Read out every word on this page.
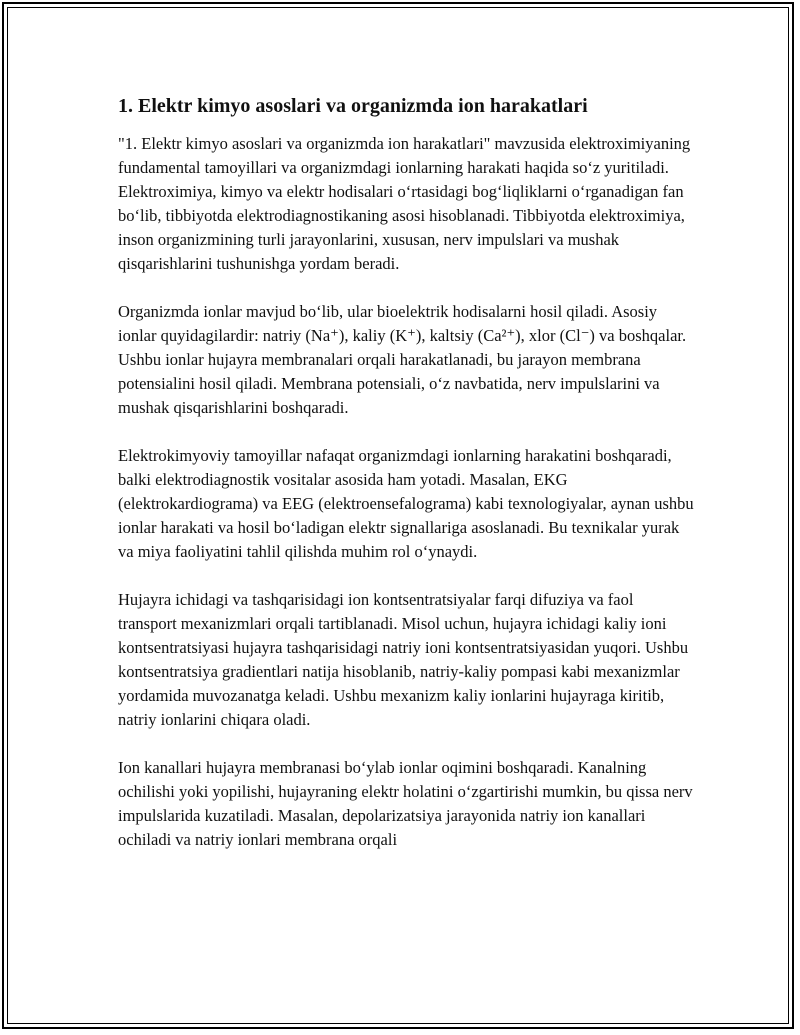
1. Elektr kimyo asoslari va organizmda ion harakatlari

"1. Elektr kimyo asoslari va organizmda ion harakatlari" mavzusida elektroximiyaning fundamental tamoyillari va organizmdagi ionlarning harakati haqida so‘z yuritiladi. Elektroximiya, kimyo va elektr hodisalari o‘rtasidagi bog‘liqliklarni o‘rganadigan fan bo‘lib, tibbiyotda elektrodiagnostikaning asosi hisoblanadi. Tibbiyotda elektroximiya, inson organizmining turli jarayonlarini, xususan, nerv impulslari va mushak qisqarishlarini tushunishga yordam beradi.

Organizmda ionlar mavjud bo‘lib, ular bioelektrik hodisalarni hosil qiladi. Asosiy ionlar quyidagilardir: natriy (Na⁺), kaliy (K⁺), kaltsiy (Ca²⁺), xlor (Cl⁻) va boshqalar. Ushbu ionlar hujayra membranalari orqali harakatlanadi, bu jarayon membrana potensialini hosil qiladi. Membrana potensiali, o‘z navbatida, nerv impulslarini va mushak qisqarishlarini boshqaradi.

Elektrokimyoviy tamoyillar nafaqat organizmdagi ionlarning harakatini boshqaradi, balki elektrodiagnostik vositalar asosida ham yotadi. Masalan, EKG (elektrokardiograma) va EEG (elektroensefalograma) kabi texnologiyalar, aynan ushbu ionlar harakati va hosil bo‘ladigan elektr signallariga asoslanadi. Bu texnikalar yurak va miya faoliyatini tahlil qilishda muhim rol o‘ynaydi.

Hujayra ichidagi va tashqarisidagi ion kontsentratsiyalar farqi difuziya va faol transport mexanizmlari orqali tartiblanadi. Misol uchun, hujayra ichidagi kaliy ioni kontsentratsiyasi hujayra tashqarisidagi natriy ioni kontsentratsiyasidan yuqori. Ushbu kontsentratsiya gradientlari natija hisoblanib, natriy-kaliy pompasi kabi mexanizmlar yordamida muvozanatga keladi. Ushbu mexanizm kaliy ionlarini hujayraga kiritib, natriy ionlarini chiqara oladi.

Ion kanallari hujayra membranasi bo‘ylab ionlar oqimini boshqaradi. Kanalning ochilishi yoki yopilishi, hujayraning elektr holatini o‘zgartirishi mumkin, bu qissa nerv impulslarida kuzatiladi. Masalan, depolarizatsiya jarayonida natriy ion kanallari ochiladi va natriy ionlari membrana orqali
